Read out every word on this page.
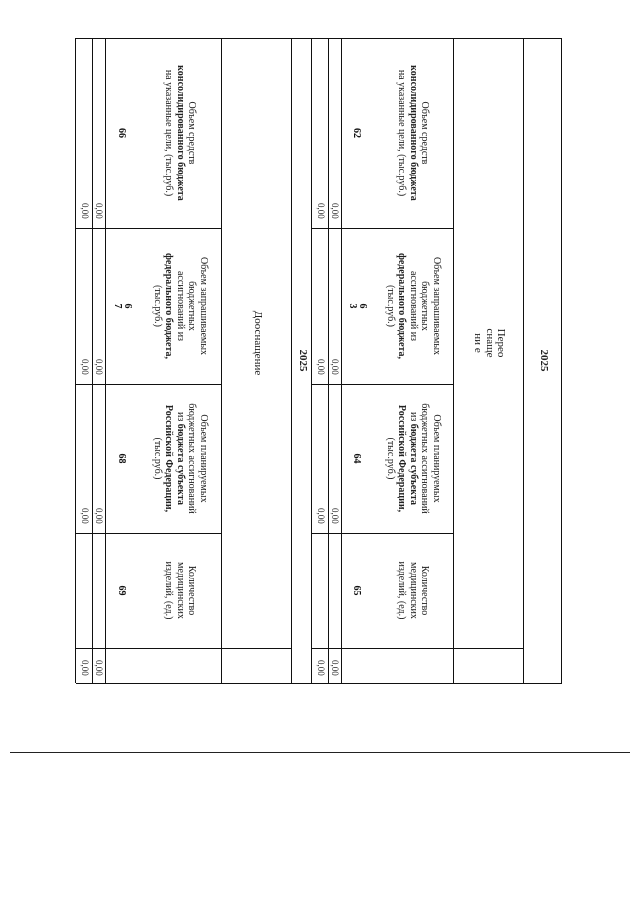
2025
Переоснащени е
Объем средств
консолидированного бюджета
на указанные цели, (тыс.руб.)
Объем запрашиваемых бюджетных ассигнований из федерального бюджета, (тыс.руб.)
Объем планируемых бюджетных ассигнований из бюджета субъекта Российской Федерации, (тыс.руб.)
Количество медицинских изделий, (ед.)
62
6 3
64
65
0,00
0,00
0,00
0,00
0,00
0,00
0,00
0,00
2025
Дооснащение
Объем средств
консолидированного бюджета
на указанные цели, (тыс.руб.)
Объем запрашиваемых бюджетных ассигнований из федерального бюджета, (тыс.руб.)
Объем планируемых бюджетных ассигнований из бюджета субъекта Российской Федерации, (тыс.руб.)
Количество медицинских изделий, (ед.)
66
6 7
68
69
0,00
0,00
0,00
0,00
0,00
0,00
0,00
0,00
